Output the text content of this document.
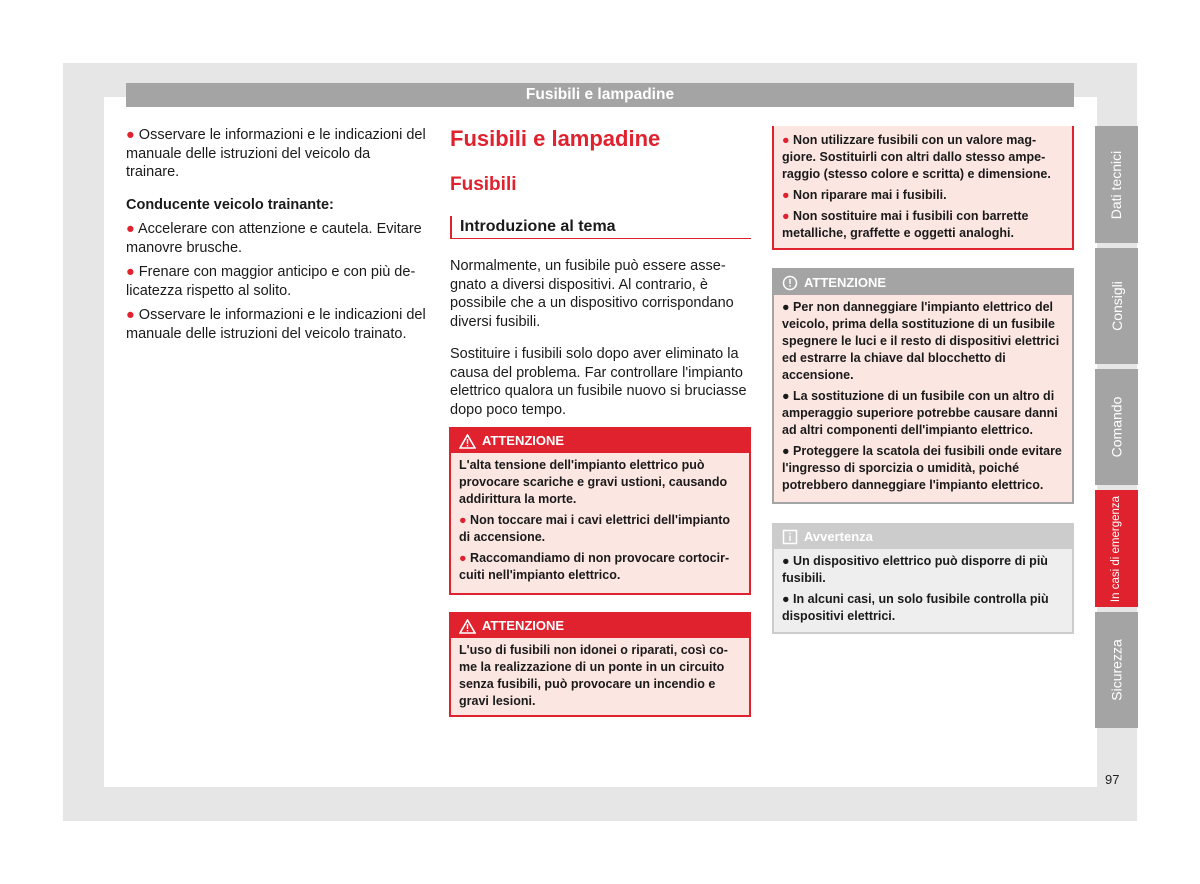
Fusibili e lampadine
Dati tecnici
Consigli
Comando
In casi di emergenza
Sicurezza
97

● Osservare le informazioni e le indicazioni del manuale delle istruzioni del veicolo da trainare.

Conducente veicolo trainante:

● Accelerare con attenzione e cautela. Evitare manovre brusche.

● Frenare con maggior anticipo e con più delicatezza rispetto al solito.

● Osservare le informazioni e le indicazioni del manuale delle istruzioni del veicolo trainato.

Fusibili e lampadine
Fusibili
Introduzione al tema

Normalmente, un fusibile può essere assegnato a diversi dispositivi. Al contrario, è possibile che a un dispositivo corrispondano diversi fusibili.

Sostituire i fusibili solo dopo aver eliminato la causa del problema. Far controllare l'impianto elettrico qualora un fusibile nuovo si bruciasse dopo poco tempo.

ATTENZIONE

L'alta tensione dell'impianto elettrico può provocare scariche e gravi ustioni, causando addirittura la morte.

● Non toccare mai i cavi elettrici dell'impianto di accensione.

● Raccomandiamo di non provocare cortocircuiti nell'impianto elettrico.

ATTENZIONE

L'uso di fusibili non idonei o riparati, così come la realizzazione di un ponte in un circuito senza fusibili, può provocare un incendio e gravi lesioni.

● Non utilizzare fusibili con un valore maggiore. Sostituirli con altri dallo stesso amperaggio (stesso colore e scritta) e dimensione.

● Non riparare mai i fusibili.

● Non sostituire mai i fusibili con barrette metalliche, graffette e oggetti analoghi.

ATTENZIONE

● Per non danneggiare l'impianto elettrico del veicolo, prima della sostituzione di un fusibile spegnere le luci e il resto di dispositivi elettrici ed estrarre la chiave dal blocchetto di accensione.

● La sostituzione di un fusibile con un altro di amperaggio superiore potrebbe causare danni ad altri componenti dell'impianto elettrico.

● Proteggere la scatola dei fusibili onde evitare l'ingresso di sporcizia o umidità, poiché potrebbero danneggiare l'impianto elettrico.

Avvertenza

● Un dispositivo elettrico può disporre di più fusibili.

● In alcuni casi, un solo fusibile controlla più dispositivi elettrici.
